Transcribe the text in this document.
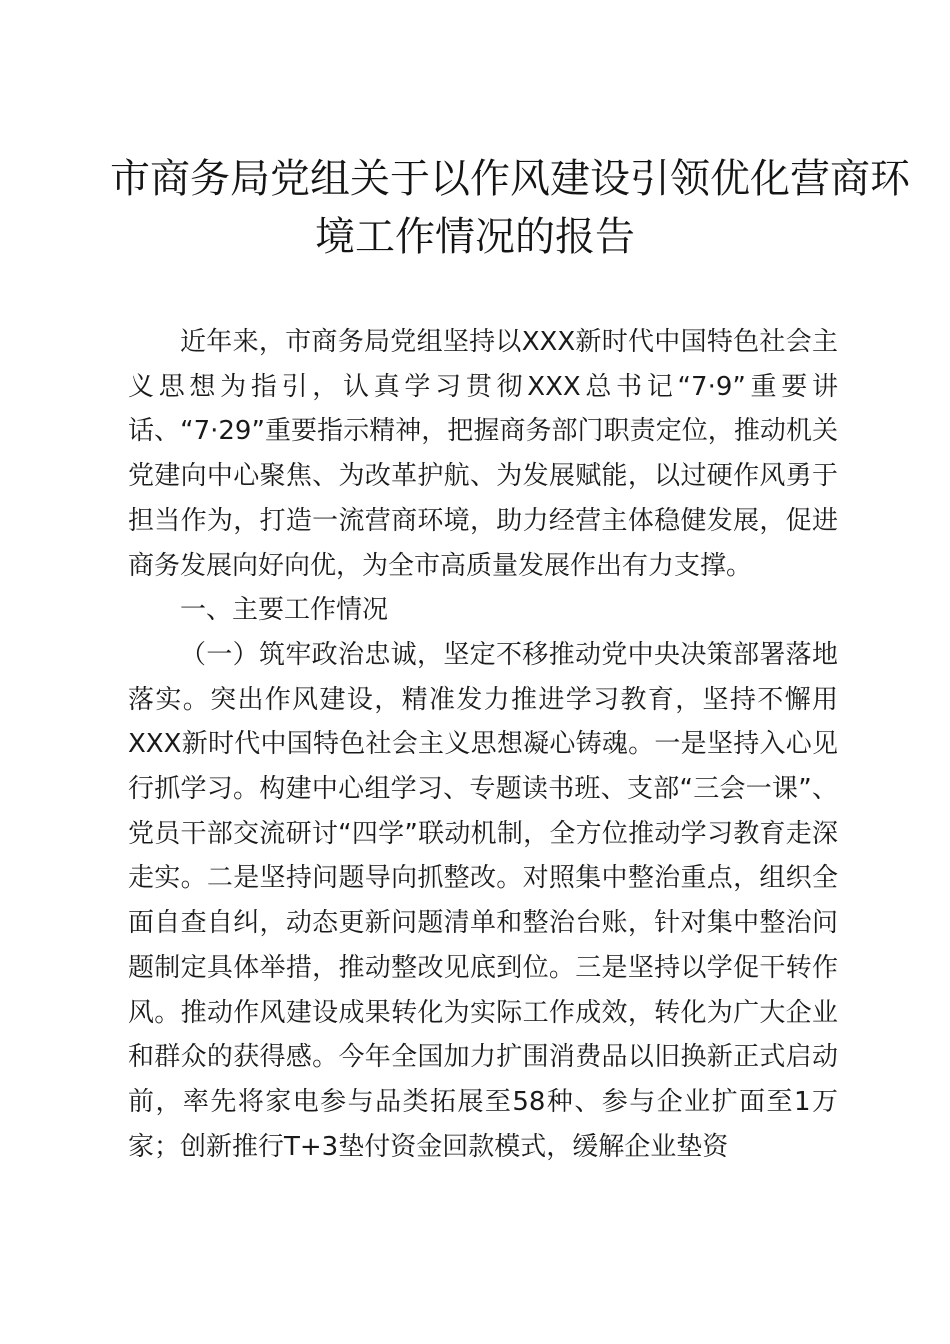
市商务局党组关于以作风建设引领优化营商环
境工作情况的报告

近年来，市商务局党组坚持以XXX新时代中国特色社会主义思想为指引，认真学习贯彻XXX总书记“7·9”重要讲话、“7·29”重要指示精神，把握商务部门职责定位，推动机关党建向中心聚焦、为改革护航、为发展赋能，以过硬作风勇于担当作为，打造一流营商环境，助力经营主体稳健发展，促进商务发展向好向优，为全市高质量发展作出有力支撑。

一、主要工作情况

（一）筑牢政治忠诚，坚定不移推动党中央决策部署落地落实。突出作风建设，精准发力推进学习教育，坚持不懈用XXX新时代中国特色社会主义思想凝心铸魂。一是坚持入心见行抓学习。构建中心组学习、专题读书班、支部“三会一课”、党员干部交流研讨“四学”联动机制，全方位推动学习教育走深走实。二是坚持问题导向抓整改。对照集中整治重点，组织全面自查自纠，动态更新问题清单和整治台账，针对集中整治问题制定具体举措，推动整改见底到位。三是坚持以学促干转作风。推动作风建设成果转化为实际工作成效，转化为广大企业和群众的获得感。今年全国加力扩围消费品以旧换新正式启动前，率先将家电参与品类拓展至58种、参与企业扩面至1万家；创新推行T+3垫付资金回款模式，缓解企业垫资
